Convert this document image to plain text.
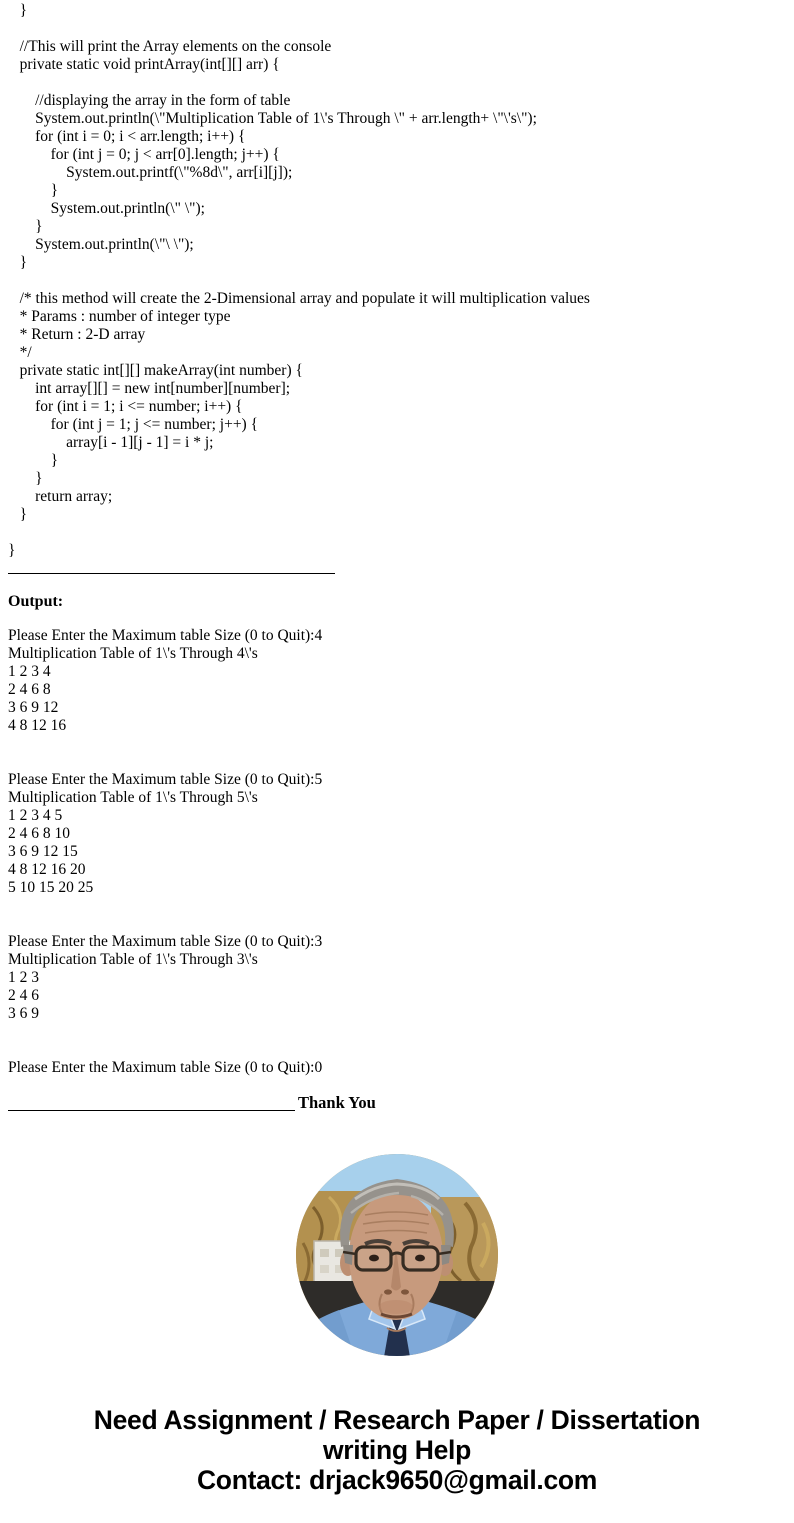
}
//This will print the Array elements on the console
private static void printArray(int[][] arr) {
//displaying the array in the form of table
System.out.println(\"Multiplication Table of 1\'s Through \" + arr.length+ \"\'s\");
for (int i = 0; i < arr.length; i++) {
for (int j = 0; j < arr[0].length; j++) {
System.out.printf(\"%8d\", arr[i][j]);
}
System.out.println(\" \");
}
System.out.println(\"\ \");
}
/* this method will create the 2-Dimensional array and populate it will multiplication values
* Params : number of integer type
* Return : 2-D array
*/
private static int[][] makeArray(int number) {
int array[][] = new int[number][number];
for (int i = 1; i <= number; i++) {
for (int j = 1; j <= number; j++) {
array[i - 1][j - 1] = i * j;
}
}
return array;
}
}
Output:
Please Enter the Maximum table Size (0 to Quit):4
Multiplication Table of 1\'s Through 4\'s
1 2 3 4
2 4 6 8
3 6 9 12
4 8 12 16
Please Enter the Maximum table Size (0 to Quit):5
Multiplication Table of 1\'s Through 5\'s
1 2 3 4 5
2 4 6 8 10
3 6 9 12 15
4 8 12 16 20
5 10 15 20 25
Please Enter the Maximum table Size (0 to Quit):3
Multiplication Table of 1\'s Through 3\'s
1 2 3
2 4 6
3 6 9
Please Enter the Maximum table Size (0 to Quit):0
Thank You
Need Assignment / Research Paper / Dissertation
writing Help
Contact: drjack9650@gmail.com
